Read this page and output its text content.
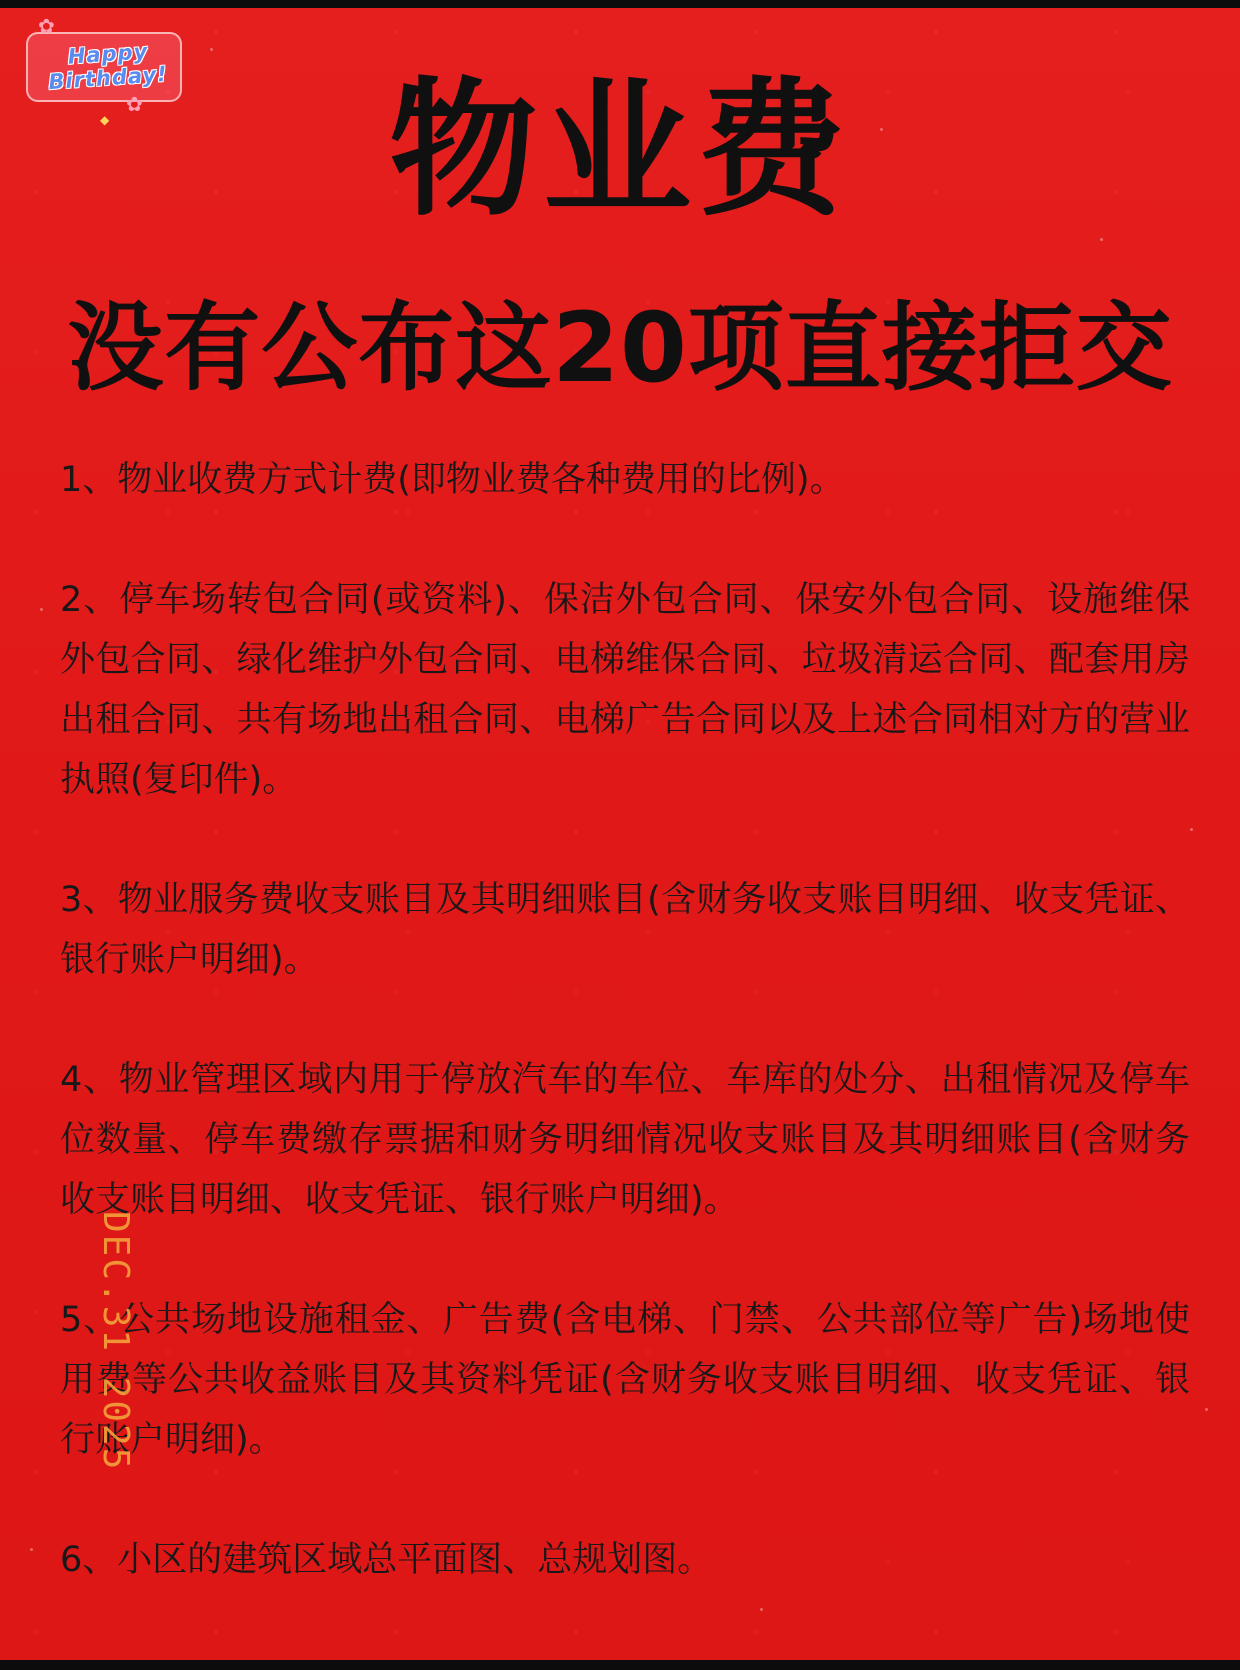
Happy
Birthday!
✿
✿
◆	物业费
没有公布这20项直接拒交

1、物业收费方式计费(即物业费各种费用的比例)。

2、停车场转包合同(或资料)、保洁外包合同、保安外包合同、设施维保外包合同、绿化维护外包合同、电梯维保合同、垃圾清运合同、配套用房出租合同、共有场地出租合同、电梯广告合同以及上述合同相对方的营业执照(复印件)。

3、物业服务费收支账目及其明细账目(含财务收支账目明细、收支凭证、银行账户明细)。

4、物业管理区域内用于停放汽车的车位、车库的处分、出租情况及停车位数量、停车费缴存票据和财务明细情况收支账目及其明细账目(含财务收支账目明细、收支凭证、银行账户明细)。

5、公共场地设施租金、广告费(含电梯、门禁、公共部位等广告)场地使用费等公共收益账目及其资料凭证(含财务收支账目明细、收支凭证、银行账户明细)。

6、小区的建筑区域总平面图、总规划图。

DEC.31 2025
